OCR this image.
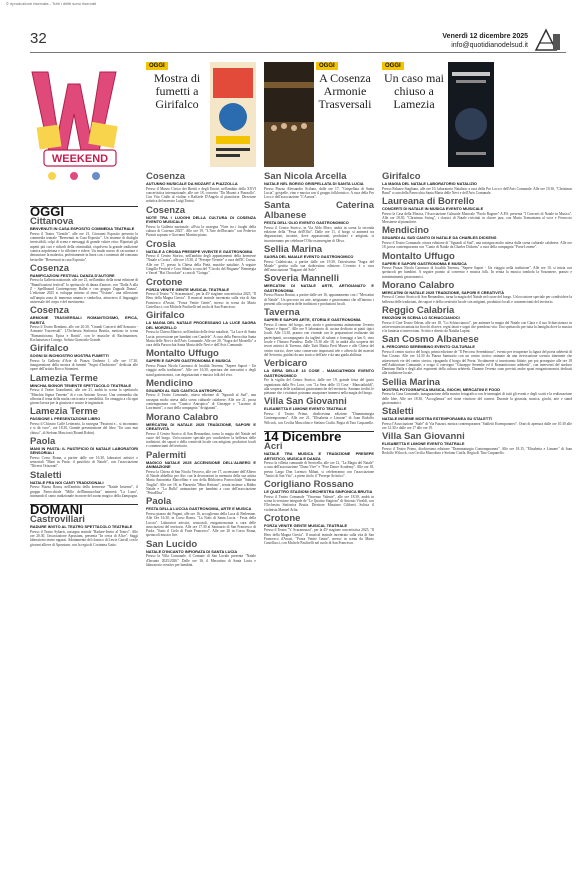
© riproduzione riservata - Tutti i diritti sono riservati
32	Venerdì 12 dicembre 2025
info@quotidianodelsud.it
WEEKEND
OGGI
Mostra di fumetti a Girifalco
OGGI
A Cosenza Armonie Trasversali
OGGI
Un caso mai chiuso a Lamezia
OGGI
Cittanova
BENVENUTI IN CASA ESPOSITO COMMEDIA TEATRALE
Presso il Teatro "Gentile", alle ore 21, Giovanni Esposito presenta la commedia teatrale "Benvenuti in Casa Esposito". Un insieme di dialoghi irresistibili, colpi di scena e messaggi di grande valore etico. Riportati gli aspetti più cari e ridicoli della criminalità, rispolvera la grande tradizione comica napoletana e fa riflettere e ridere. Un modo nuovo di raccontare e denunciare la malavita, perfettamente in linea con i contenuti del romanzo bestseller "Benvenuti in casa Esposito".
Cosenza
RAMIFICAZIONI FESTIVAL DANZA D'AUTORE
Presso la Galleria nazionale, alle ore 21, nell'ambito della nona edizione di "Ramificazioni festival" lo spettacolo di danza d'autore, con "Dalla A alla Z - Spellbound Contemporary Ballet e con gruppo Zappalà Danza". L'edizione 2025 si sviluppa intorno al tema "Visione", una riflessione sull'ampia zona di immensa umana e simbolica, attraverso il linguaggio universale del corpo e del movimento.
Cosenza
ARMONIE TRASVERSALI ROMANTICISMO, EPICA, RARITÀ
Presso il Teatro Rendano, alle ore 20.30, "Grandi Concerti dell'Armonia - Armonie Trasversali". L'Orchestra Sinfonica Bruttia, mettono in scena "Romanticismo, Epica e Rarità", con le musiche di Rachmaninov, Kochaturian e Lonego. Solista Giancarlo Grande.
Girifalco
SOGNI DI INCHIOSTRO MOSTRA FUMETTI
Presso la Galleria d'Arte di Piazza Umberto I, alle ore 17.30, inaugurazione della mostra di fumetti "Sogni d'Inchiostro" dedicata alle opere dell'artista Rocco Strumieri.
Lamezia Terme
MINCHIA SIGNOR TENENTE SPETTACOLO TEATRALE
Presso il Teatro Grandinetti, alle ore 21, andrà in scena lo spettacolo "Minchia Signor Tenente" di e con Antonio Grosso. Una commedia che affronta il tema della mafia con ironia e sensibilità. Un omaggio a chi ogni giorno lavora per la giustizia e contro le ingiustizie.
Lamezia Terme
PASSIONE L PRESENTAZIONE LIBRO
Presso il Chiostro Caffè Letterario, la rassegna "Passioni e... si incontrano e si dà voce", ore 18.30, Grande presentazione del libro "Un caso mai chiuso", di Stefano Mascioni (Round Robin).
Paola
MANI IN PASTA: IL PASTIFICIO DI NATALE LABORATORI SENSORIALI
Presso Corso Roma, a partire dalle ore 16.30, laboratori artistici e sensoriali "Mani in Pasta: il pastificio di Natale", con l'associazione "Diversi Orizzonti".
Staletti
NATALE FRA NOI CANTI TRADIZIONALI
Presso Piazza Roma, nell'ambito della kermesse "Natale Insieme", il gruppo Parrocchiale "Mille dell'Immacolata" animerà "La Luna", intonando il canto tradizionale in onore del suono magico della Zampogna.
DOMANI
Castrovillari
RADURE INVITO AL TEATRO SPETTACOLO TEATRALE
Presso il Teatro Sybaris, rassegna teatrale "Radure-Invito al Teatro". Alle ore 20.30, l'associazione Aprustum, presenta "In cerca di Alice". Saggi laboratorio teatro ragazzi. Adattamento del classico di Lewis Carroll con le giovani allieve di Aprustum, con la regia di Cosimina Gatto.
Cosenza
AUTUNNO MUSICALE DA MOZART A PIAZZOLLA
Presso il Museo Civico dei Brettii e degli Enotri, nell'ambito della XXVI concertistica internazionale, alle ore 18, concerto "Da Mozart a Piazzolla". Con Vito Ciullo al violino e Raffaele D'Angelo al pianoforte. Direzione artistica del maestro Luigi Tomai.
Cosenza
NOTE TRA I LUOGHI DELLA CULTURA DI COSENZA EVENTO MUSICALE
Presso la Galleria nazionale, all'via la rassegna "Note tra i luoghi della cultura di Cosenza 2025". Alle ore 19, "L'Arte dell'Incanto" con Federico Pizzuti soprano e Giovanni Martino piano.
Crosia
NATALE A CROSIA PRESEPE VIVENTE E GASTRONOMIA
Presso il Centro Storico, nell'ambito degli appuntamenti della kermesse "Natale a Crosia", alle ore 15.30, il "Presepe Vivente" a cura dell'IC Crosia. Alle ore 17, presso la Chiesa della Pietà, musiche natalizie. A seguire Gingillo Festival e Coro Sibaris a cura del "Circolo del Brigante" Bennergia e Varsel "Hai Chocolate" a cura di "Gotago".
Crotone
FORZA VENITE GENTE MUSICAL TEATRALE
Presso il Teatro "V. Scaramuzza", per la 45ª stagione concertistica 2025, "Il Hero della Magna Grecia". Il musical teatrale incentrato sulla vita di San Francesco d'Assisi, "Forza Venite Gente", messo in scena da Mario Castellacci, con Michele Paulicelli nel ruolo di San Francesco.
Girifalco
LA MAGIA DEL NATALE PROCESSANO LA LUCE SAGRA DEL MORZELLO
Presso la Chiesa Matrice, nell'ambito delle feste natalizie, "La Luce di Santa Lucia: processione per bambini con Candele". A cura della Parrocchia Santa Maria delle Nevi e dell'Avis Comunale. Alle ore 20, "Sagra del Morzello" a cura della Parrocchia Santa Maria delle Nevi e dell'Avis Comunale.
Montalto Uffugo
SAPERI E SAPORI GASTRONOMIA E MUSICA
Presso Piazza Nicola Caronaco di località Taverna, "Sapere Sapori - Un viaggio nella tradizione". Alle ore 16.30, apertura dei mercatini e degli stand gastronomici, con degustazioni e musica folk del vivo.
Mendicino
SGUARDI AL SUD CANTICA ANTROPICA
Presso il Teatro Comunale, ottava edizione di "Sguardi al Sud", una rassegna molto attesa dalla scena culturale calabrese. Alle ore 21, prosa contemporanea con "Cantico Antropico" di Giuseppe e "Lacrime di Lacrimoni", a cura della compagnia "Artigianati".
Morano Calabro
MERCATINI DI NATALE 2025 TRADIZIONE, SAPORI E CREATIVITÀ
Presso il Centro Storico di San Bernardino, torna la magia del Natale nel cuore del borgo. Un'occasione speciale per condividere la bellezza delle tradizioni, dei sapori e della creatività locale con artigiani, produttori locali e commercianti del territorio.
Palermiti
MAGICO NATALE 2025 ACCENSIONE DELL'ALBERO E ANIMAZIONE
Presso la Chiesa di San Nicola Vescovo, alle ore 17, accensione dell'Albero di Natale abbellito per Airc con la decorazioni in memoria della sua artista Maria Antonietta Marcellino e con della Biblioteca Parrocchiale "Sabrina Truglia". Alle ore 18, in Piazzetta "Mino Reitano", serata insieme a Babbo Natale e "La Bulla" animazione per bambini a cura dell'associazione "PetraElisa".
Paola
FESTA DELLA LUCCIA GASTRONOMIA, ARTE E MUSICA
Presso piazza dei Pagani, alle ore 16, accoglienza della Luca di Betlemme. Alle Ore 16.30, in Corso Roma, "La Notti di Santa Lucia - Festa della Luccia". Laboratori artistici, sensoriali, enogastronomia a cura delle associazioni del territorio. Alle ore 17.30 al Santuario di San Francesco di Paola, "Satto il Cielo di Frate Francesco". Alle ore 20 in Corso Roma, spettacoli musica live.
San Lucido
NATALE D'INCANTO INFIORATA DI SANTA LUCIA
Presso la Villa Comunale, il Comune di San Lucido presenta "Natale d'Incanto 2025/2026". Dalle ore 16, il Mercatino di Santa Lucia e laboratorio creativo per bambini.
San Nicola Arcella
NATALE NEL BORGO GRISPELLATA DI SANTA LUCIA
Presso Piazza Alessandro Scifano, dalle ore 17, "Grispellata di Santa Lucia", grispelle, vino e musica con il gruppo folkloristico. A cura della Pro Loco e dell'associazione "L'Aurora".
Santa Caterina Albanese
FESTA DELL'OLIO EVENTO GASTRONOMICO
Presso il Centro Storico, in Via Aldo Moro, andrà in scena la seconda edizione della "Festa dell'Olio". Dalle ore 11, il borgo si animerà tra degustazioni, incontri, dove appassionati, produttori e artigiani, si incontreranno per celebrare l'Olio extravergine di Oliva.
Sellia Marina
SAGRA DEL MAIALE EVENTO GASTRONOMICO
Presso Calabricata, a partire dalle ore 19.30, l'attesissima "Sagra del Maiale" gestita sulla sua dodicesima edizione. L'evento è a cura dell'associazione "Ragazzi del Sole".
Soveria Mannelli
MERCATINI DI NATALE ARTE, ARTIGIANATO E GASTRONOMIA
Presso Piazza Bonini, a partire dalle ore 16, appuntamento con i "Mercatini di Natale". Un percorso tra arte, artigianato e gastronomia che all'interno i presenti alla scoperta delle tradizioni e produzioni locali.
Taverna
SAPERI E SAPORI ARTE, STORIA E GASTRONOMIA
Presso il centro del borgo, arte, storia e gastronomia animeranno l'evento "Saperi e Sapori". Alle ore 9 laboratorio di cucina dedicato ai piatti tipici locali. Alle 13.30, pranzo con vivande con le preparazioni realizzate dai partecipanti, accompagnato da taglieri di salumi e formaggi a km 0, vino locale e l'Amaro Paradiso. Dalle 15.30 alle 18, in andrà alla scoperta dei tesori artistici di Taverna, dalle Tutti Mattia Preti Museo e alle Chiese del centro storico, dove sono conservate importanti tele e affreschi dei maestri del Seicento, guidati da uno storico dell'arte e da una guida abilitata.
Verbicaro
LA SERA DELLE 13 COSE - MANCIATHIDDI EVENTO GASTRONOMICO
Per la vigilia del Centro Storico, dalle ore 19, grande festa del gusto organizzata dalla Pro Loco, con "La Sera delle 13 Cose - Manciathiddi", alla scoperta delle tradizioni gastronomiche del territorio. Saranno tredici le pietanze che i visitatori potranno assaporare immersi nella magia del borgo.
Villa San Giovanni
ELISABETTA E LIMONE EVENTO TEATRALE
Presso il Teatro Primo, diodicesima edizione "Drammaturgia Contemporanea". Alle ore 21, "Elisabetta e Limone" di Joan Rodolfo Wilcock, con Cecilia Muscolino e Stefano Ciuffa. Regia di Tino Caspanello.
14 Dicembre
Acri
NATALE TRA MUSICA E TRADIZIONE PRESEPE ARTISTICO, MUSICA E DANZA
Presso la villetta comunale di Serricella, alle ore 12, "La Magia del Natale" a cura dell'associazione "Duno Vive" e "Five Dance Academy". Alle ore 18, presso Largo Don Lorenzo Milani, si celebreranno con l'associazione "Amici di San Vito", a pieno titolo il "Presepe Artistico".
Corigliano Rossano
LE QUATTRO STAGIONI ORCHESTRA SINFONICA BRUTIA
Presso il Teatro Comunale "Vincenzo Valente", alle ore 18.30, andrà in scena la versione integrale de "Le Quattro Stagioni" di Antonio Vivaldi, con l'Orchestra Sinfonica Brutia. Direttore Massimo Cilibreti. Solista il violinista Manuel Arlia.
Crotone
FORZA VENITE GENTE MUSICAL TEATRALE
Presso il Teatro "V. Scaramuzza", per la 45ª stagione concertistica 2025, "Il Hero della Magna Grecia". Il musical teatrale incentrato sulla vita di San Francesco d'Assisi, "Forza Venite Gente", messo in scena da Mario Castellacci, con Michele Paulicelli nel ruolo di San Francesco.
Girifalco
LA MAGIA DEL NATALE LABORATORIO NATALIZIO
Presso Palazzo Stagliano, alle ore 10, laboratorio Natalizio a cura della Pro Loco e dell'Avis Comunale. Alle ore 19.30, "Christmas Band" a cura della Parrocchia Santa Maria delle Nevi e dell'Avis Comunale.
Laureana di Borrello
CONCERTI DI NATALE IN MUSICA EVENTO MUSICALE
Presso la Casa della Musica, l'Associazione Culturale Musicale "Paolo Ragone" A.P.S. presenta "I Concerti di Natale in Musica". Alle ore 18.30, "Christmas Swing", i classici di Natale rivisitati in chiave jazz, con Maria Tramontana al voce e Ferruccio Messinese al pianoforte.
Mendicino
SGUARDI AL SUD CANTO DI NATALE DA CHARLES DICKENS
Presso il Teatro Comunale, ottava edizione di "Sguardi al Sud", una rassegna molto attesa dalla scena culturale calabrese. Alle ore 18, prosa contemporanea con "Canto di Natale da Charles Dickens" a cura della compagnia "Porte Lenene".
Montalto Uffugo
SAPERI E SAPORI GASTRONOMIA E MUSICA
Presso Piazza Nicola Caronaco di località Taverna, "Sapere Sapori - Un viaggio nella tradizione". Alle ore 10, si inizia con spettacoli per bambini. A seguire pranzo al convento e musica folk. In serata la musica tombola la Sozzanese, pranzo e intrattenimenti gastronomici.
Morano Calabro
MERCATINI DI NATALE 2025 TRADIZIONE, SAPORI E CREATIVITÀ
Presso il Centro Storico di San Bernardino, torna la magia del Natale nel cuore del borgo. Un'occasione speciale per condividere la bellezza delle tradizioni, dei sapori e della creatività locale con artigiani, produttori locali e commercianti del territorio.
Reggio Calabria
EMOZIONI IN SCENA LO SCHIACCIANOCI
Presso il Cine Teatro Odeon, alle ore 18, "Lo Schiaccianoci", per animare la magia del Natale con Clara e il suo Schiaccianoci in un'avventura incantata tra fiocchi di neve, regni fatati e sogni che prendono vita. Uno spettacolo per tutta la famiglia dove la musica e la fantasia si intrecciano. Scritto e diretto da Natalia Lupini.
San Cosmo Albanese
IL PERCORSO SEREMBINO EVENTO CULTURALE
Presso il centro storico del borgo, prima edizione de "Il Percorso Serembinuo", evento per recuperare la figura del poeta arbëresh di San Cosmo. Alle ore 14.30 da Piazza Santuario con un centro storico animato da una rievocazione scenica itinerante che attraverserà vie del centro storico, ripagando il borgo del Poeta. Vocalmente si inseriranno fittizie, per poi proseguire alle ore 18 nell'Auditorium Comunale, a svago il convegno "Giuseppe Serembe ed il Romanticismo arbëresh", con interventi del sindaco Damiano Baffa e degli altri esponenti della cultura arbëresh. Durante l'evento sono previsti anche spazi enogastronomici dedicati alla tradizione locale.
Sellia Marina
MOSTRA FOTOGRAFICA MUSICA, GIOCHI, MERCATINI E FOOD
Presso la Casa Comunale, inaugurazione della mostra fotografica con le immagini di tutti gli eventi e degli scatti e la realizzazione delle Idee. Alle ore 18.30, "Accoglienza" nel rione vincitore del contest. Durante la giornata, musica, giochi, arte e stand gastronomici.
Staletti
NATALE INSIEME MOSTRA ESTEMPORANEA SU STALETTÌ
Presso l'Associazione "Stalé" di Via Fazzari, mostra contemporanea "Stalletti Estemporaneo". Orari di apertura dalle ore 10.30 alle ore 12.30 e dalle ore 17 alle ore 19.
Villa San Giovanni
ELISABETTA E LIMONE EVENTO TEATRALE
Presso il Teatro Primo, diodicesima edizione "Drammaturgia Contemporanea". Alle ore 18.15, "Elisabetta e Limone" di Joan Rodolfo Wilcock, con Cecilia Muscolino e Stefano Ciuffa. Regia di Tino Caspanello.
